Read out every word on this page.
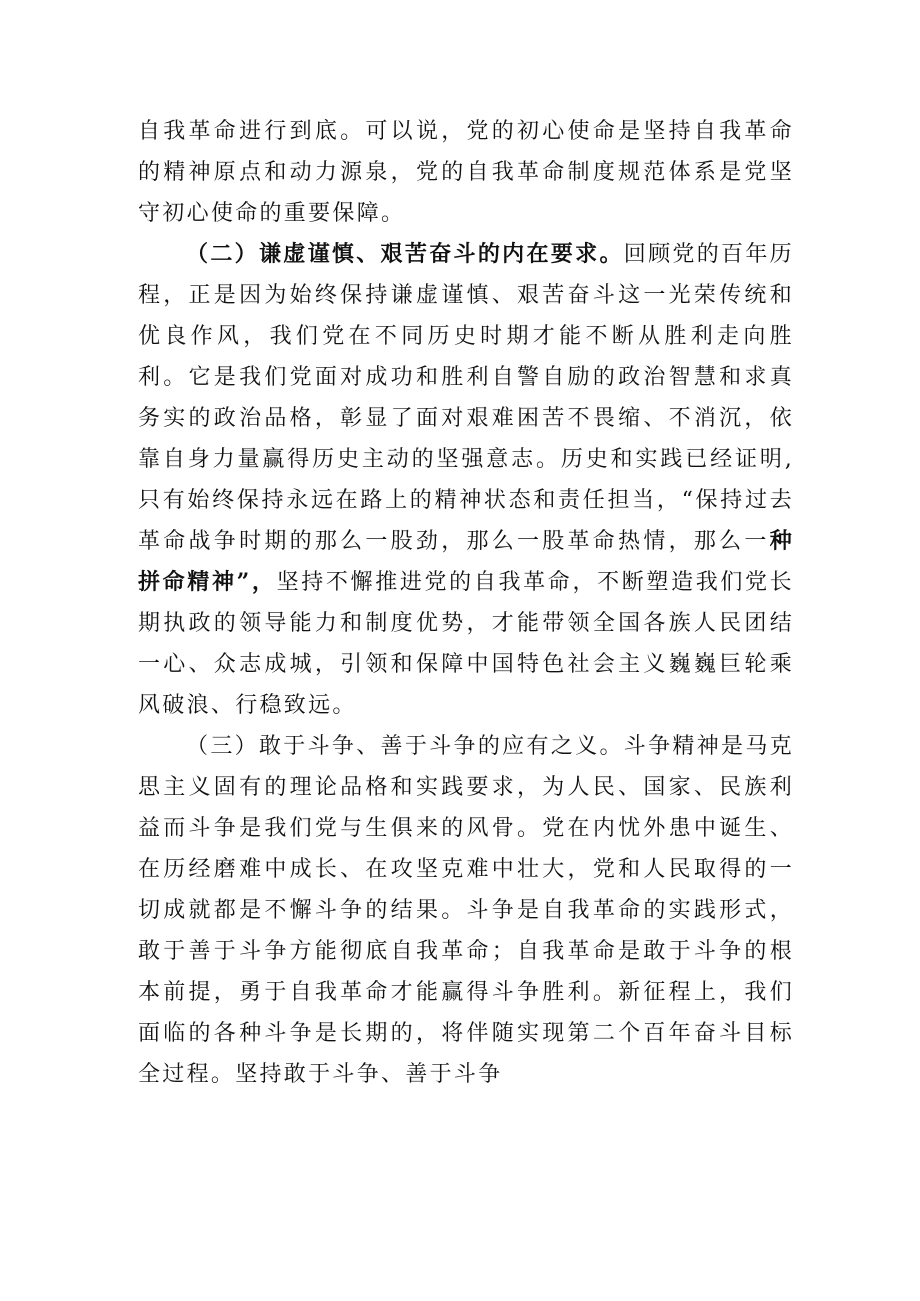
自我革命进行到底。可以说，党的初心使命是坚持自我革命的精神原点和动力源泉，党的自我革命制度规范体系是党坚守初心使命的重要保障。

（二）谦虚谨慎、艰苦奋斗的内在要求。回顾党的百年历程，正是因为始终保持谦虚谨慎、艰苦奋斗这一光荣传统和优良作风，我们党在不同历史时期才能不断从胜利走向胜利。它是我们党面对成功和胜利自警自励的政治智慧和求真务实的政治品格，彰显了面对艰难困苦不畏缩、不消沉，依靠自身力量赢得历史主动的坚强意志。历史和实践已经证明,只有始终保持永远在路上的精神状态和责任担当，“保持过去革命战争时期的那么一股劲，那么一股革命热情，那么一种拼命精神”，坚持不懈推进党的自我革命，不断塑造我们党长期执政的领导能力和制度优势，才能带领全国各族人民团结一心、众志成城，引领和保障中国特色社会主义巍巍巨轮乘风破浪、行稳致远。

（三）敢于斗争、善于斗争的应有之义。斗争精神是马克思主义固有的理论品格和实践要求，为人民、国家、民族利益而斗争是我们党与生俱来的风骨。党在内忧外患中诞生、在历经磨难中成长、在攻坚克难中壮大，党和人民取得的一切成就都是不懈斗争的结果。斗争是自我革命的实践形式，敢于善于斗争方能彻底自我革命；自我革命是敢于斗争的根本前提，勇于自我革命才能赢得斗争胜利。新征程上，我们面临的各种斗争是长期的，将伴随实现第二个百年奋斗目标全过程。坚持敢于斗争、善于斗争
